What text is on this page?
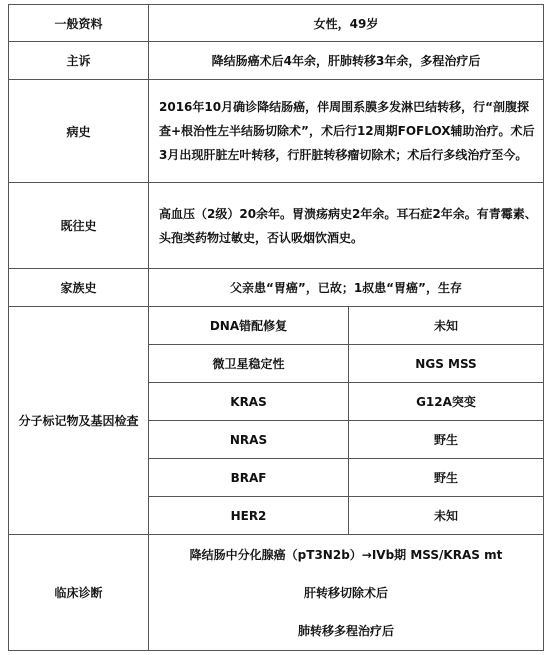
一般资料	女性，49岁
主诉	降结肠癌术后4年余，肝肺转移3年余，多程治疗后
病史	2016年10月确诊降结肠癌，伴周围系膜多发淋巴结转移，行“剖腹探查+根治性左半结肠切除术”，术后行12周期FOFLOX辅助治疗。术后3月出现肝脏左叶转移，行肝脏转移瘤切除术；术后行多线治疗至今。
既往史	高血压（2级）20余年。胃溃疡病史2年余。耳石症2年余。有青霉素、头孢类药物过敏史，否认吸烟饮酒史。
家族史	父亲患“胃癌”，已故；1叔患“胃癌”，生存
分子标记物及基因检查	
DNA错配修复	未知
微卫星稳定性	NGS MSS
KRAS	G12A突变
NRAS	野生
BRAF	野生
HER2	未知

临床诊断	
降结肠中分化腺癌（pT3N2b）→IVb期 MSS/KRAS mt
肝转移切除术后
肺转移多程治疗后
